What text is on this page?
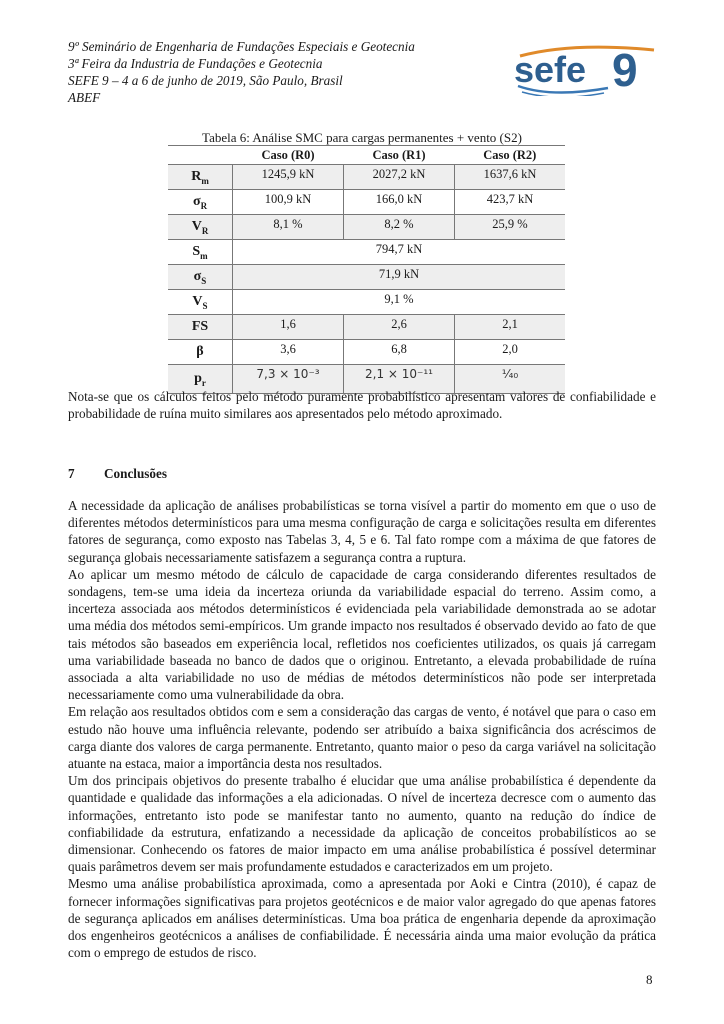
9º Seminário de Engenharia de Fundações Especiais e Geotecnia
3ª Feira da Industria de Fundações e Geotecnia
SEFE 9 – 4 a 6 de junho de 2019, São Paulo, Brasil
ABEF
sefe 9
Tabela 6: Análise SMC para cargas permanentes + vento (S2)
	Caso (R0)	Caso (R1)	Caso (R2)
$R_m$	1245,9 kN	2027,2 kN	1637,6 kN
$\sigma_R$	100,9 kN	166,0 kN	423,7 kN
$V_R$	8,1 %	8,2 %	25,9 %
$S_m$	794,7 kN		
$\sigma_S$	71,9 kN		
$V_S$	9,1 %		
FS	1,6	2,6	2,1
β	3,6	6,8	2,0
$p_r$	7,3 × 10⁻³	2,1 × 10⁻¹¹	¹⁄₄₀
Nota-se que os cálculos feitos pelo método puramente probabilístico apresentam valores de confiabilidade e probabilidade de ruína muito similares aos apresentados pelo método aproximado.
7 Conclusões

A necessidade da aplicação de análises probabilísticas se torna visível a partir do momento em que o uso de diferentes métodos determinísticos para uma mesma configuração de carga e solicitações resulta em diferentes fatores de segurança, como exposto nas Tabelas 3, 4, 5 e 6. Tal fato rompe com a máxima de que fatores de segurança globais necessariamente satisfazem a segurança contra a ruptura.

Ao aplicar um mesmo método de cálculo de capacidade de carga considerando diferentes resultados de sondagens, tem-se uma ideia da incerteza oriunda da variabilidade espacial do terreno. Assim como, a incerteza associada aos métodos determinísticos é evidenciada pela variabilidade demonstrada ao se adotar uma média dos métodos semi-empíricos. Um grande impacto nos resultados é observado devido ao fato de que tais métodos são baseados em experiência local, refletidos nos coeficientes utilizados, os quais já carregam uma variabilidade baseada no banco de dados que o originou. Entretanto, a elevada probabilidade de ruína associada a alta variabilidade no uso de médias de métodos determinísticos não pode ser interpretada necessariamente como uma vulnerabilidade da obra.

Em relação aos resultados obtidos com e sem a consideração das cargas de vento, é notável que para o caso em estudo não houve uma influência relevante, podendo ser atribuído a baixa significância dos acréscimos de carga diante dos valores de carga permanente. Entretanto, quanto maior o peso da carga variável na solicitação atuante na estaca, maior a importância desta nos resultados.

Um dos principais objetivos do presente trabalho é elucidar que uma análise probabilística é dependente da quantidade e qualidade das informações a ela adicionadas. O nível de incerteza decresce com o aumento das informações, entretanto isto pode se manifestar tanto no aumento, quanto na redução do índice de confiabilidade da estrutura, enfatizando a necessidade da aplicação de conceitos probabilísticos ao se dimensionar. Conhecendo os fatores de maior impacto em uma análise probabilística é possível determinar quais parâmetros devem ser mais profundamente estudados e caracterizados em um projeto.

Mesmo uma análise probabilística aproximada, como a apresentada por Aoki e Cintra (2010), é capaz de fornecer informações significativas para projetos geotécnicos e de maior valor agregado do que apenas fatores de segurança aplicados em análises determinísticas. Uma boa prática de engenharia depende da aproximação dos engenheiros geotécnicos a análises de confiabilidade. É necessária ainda uma maior evolução da prática com o emprego de estudos de risco.

8
